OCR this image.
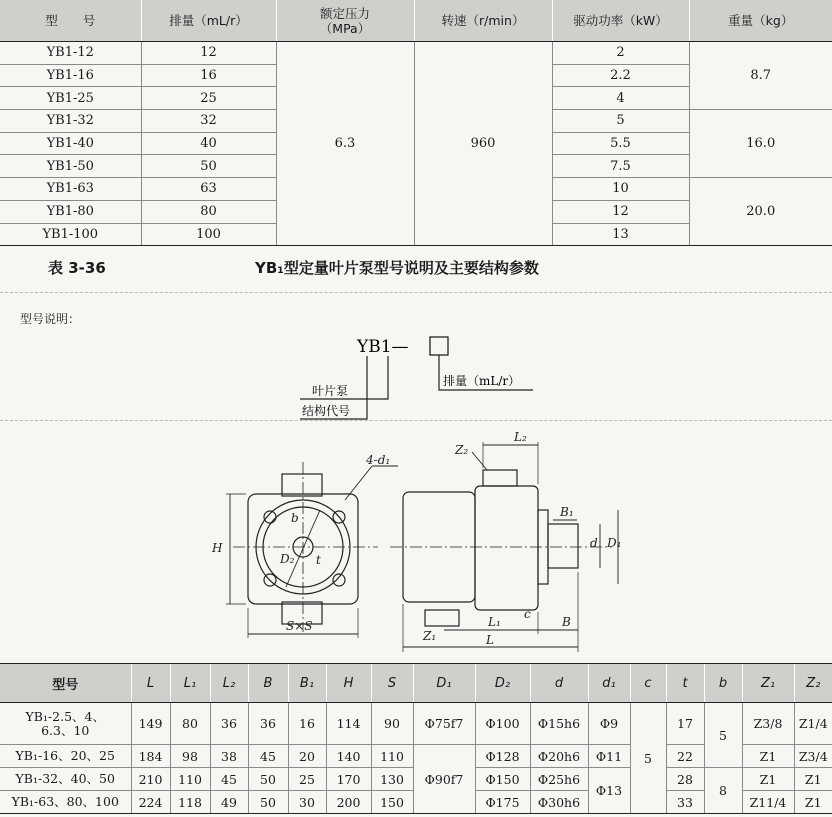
型　　号	排量（mL/r）	额定压力
（MPa）	转速（r/min）	驱动功率（kW）	重量（kg）
YB1-12	12	6.3	960	2	8.7
YB1-16	16			2.2	
YB1-25	25			4	
YB1-32	32			5	16.0
YB1-40	40			5.5	
YB1-50	50			7.5	
YB1-63	63			10	20.0
YB1-80	80			12	
YB1-100	100			13	
表 3-36	YB₁型定量叶片泵型号说明及主要结构参数
型号说明：
YB1—
叶片泵
结构代号
排量（mL/r）
4-d₁
H
S×S
b
D₂ t
Z₂
L₂
B₁
d D₁
Z₁
L₁
c
B
L
型号	L	L₁	L₂	B	B₁	H	S	D₁	D₂	d	d₁	c	t	b	Z₁	Z₂
YB₁-2.5、4、
6.3、10	149	80	36	36	16	114	90	Φ75f7	Φ100	Φ15h6	Φ9	5	17	5	Z3/8	Z1/4
YB₁-16、20、25	184	98	38	45	20	140	110	Φ90f7	Φ128	Φ20h6	Φ11		22		Z1	Z3/4
YB₁-32、40、50	210	110	45	50	25	170	130		Φ150	Φ25h6	Φ13		28	8	Z1	Z1
YB₁-63、80、100	224	118	49	50	30	200	150		Φ175	Φ30h6			33		Z11/4	Z1
